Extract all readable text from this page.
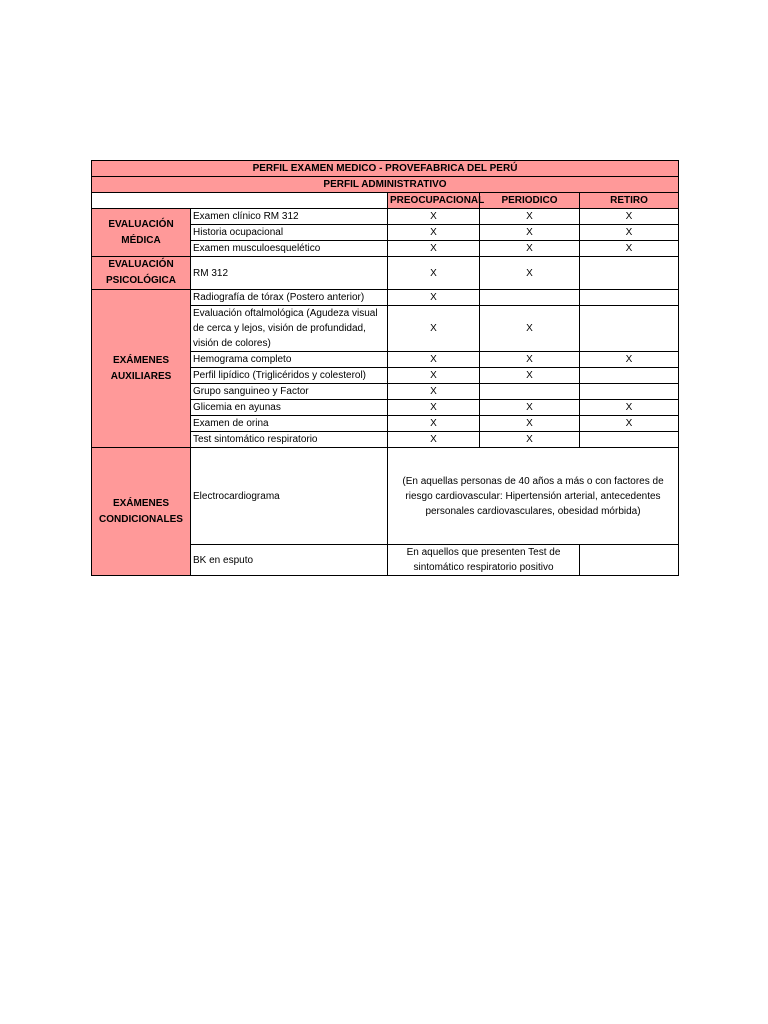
PERFIL EXAMEN MEDICO - PROVEFABRICA DEL PERÚ				
PERFIL ADMINISTRATIVO				
		PREOCUPACIONAL	PERIODICO	RETIRO
EVALUACIÓN MÉDICA	Examen clínico RM 312	X	X	X
	Historia ocupacional	X	X	X
	Examen musculoesquelético	X	X	X
EVALUACIÓN PSICOLÓGICA	RM 312	X	X	
EXÁMENES AUXILIARES	Radiografía de tórax (Postero anterior)	X		
	Evaluación oftalmológica (Agudeza visual de cerca y lejos, visión de profundidad, visión de colores)	X	X	
	Hemograma completo	X	X	X
	Perfil lipídico (Triglicéridos y colesterol)	X	X	
	Grupo sanguineo y Factor	X		
	Glicemia en ayunas	X	X	X
	Examen de orina	X	X	X
	Test sintomático respiratorio	X	X	
EXÁMENES CONDICIONALES	Electrocardiograma	(En aquellas personas de 40 años a más o con factores de riesgo cardiovascular: Hipertensión arterial, antecedentes personales cardiovasculares, obesidad mórbida)		
	BK en esputo	En aquellos que presenten Test de sintomático respiratorio positivo		
